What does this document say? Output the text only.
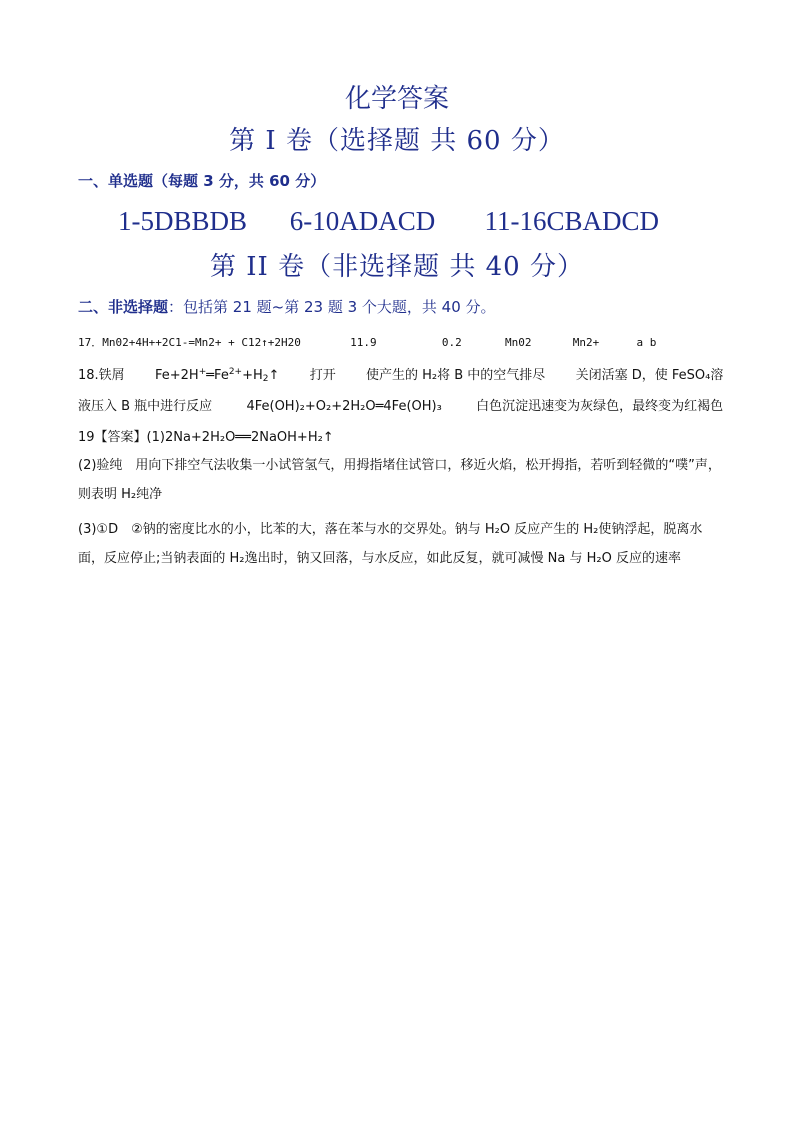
化学答案
第 I 卷（选择题 共 60 分）
一、单选题（每题 3 分，共 60 分）
1-5DBBDB 6-10ADACD 11-16CBADCD
第 II 卷（非选择题 共 40 分）
二、非选择题：包括第 21 题~第 23 题 3 个大题，共 40 分。
17．Mn02+4H++2C1-=Mn2+ + C12↑+2H20	11.9	0.2	Mn02	Mn2+	a b
18.铁屑 $Fe+2H^+═Fe^{2+}+H_2↑$ 打开 使产生的 H₂将 B 中的空气排尽 关闭活塞 D，使 FeSO₄溶
液压入 B 瓶中进行反应	4Fe(OH)₂+O₂+2H₂O═4Fe(OH)₃	白色沉淀迅速变为灰绿色，最终变为红褐色
19【答案】(1)2Na+2H₂O══2NaOH+H₂↑
(2)验纯　用向下排空气法收集一小试管氢气，用拇指堵住试管口，移近火焰，松开拇指，若听到轻微的“噗”声，则表明 H₂纯净
(3)①D　②钠的密度比水的小，比苯的大，落在苯与水的交界处。钠与 H₂O 反应产生的 H₂使钠浮起，脱离水面，反应停止;当钠表面的 H₂逸出时，钠又回落，与水反应，如此反复，就可减慢 Na 与 H₂O 反应的速率
